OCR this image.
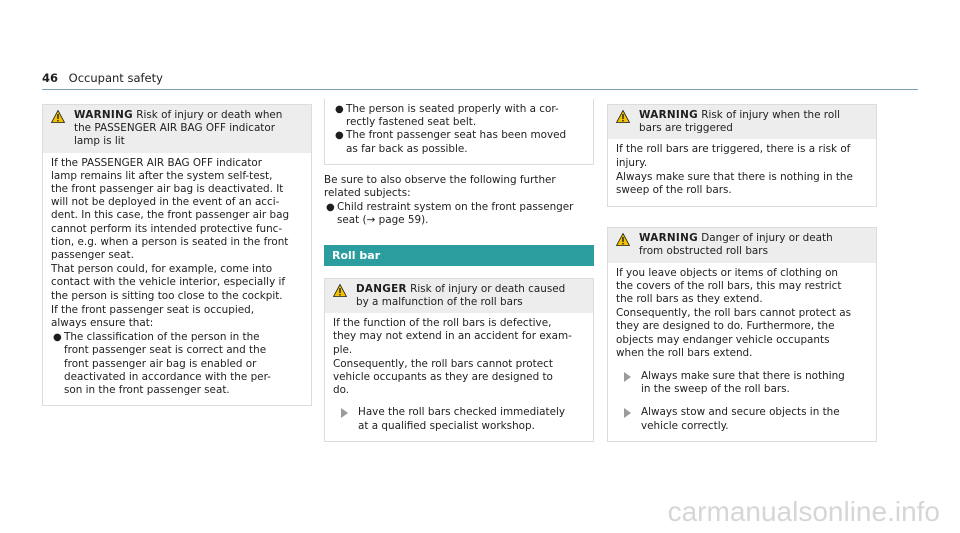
46 Occupant safety
WARNING Risk of injury or death when
the PASSENGER AIR BAG OFF indicator
lamp is lit

If the PASSENGER AIR BAG OFF indicator
lamp remains lit after the system self-test,
the front passenger air bag is deactivated. It
will not be deployed in the event of an acci-
dent. In this case, the front passenger air bag
cannot perform its intended protective func-
tion, e.g. when a person is seated in the front
passenger seat.

That person could, for example, come into
contact with the vehicle interior, especially if
the person is sitting too close to the cockpit.

If the front passenger seat is occupied,
always ensure that:

● The classification of the person in the
front passenger seat is correct and the
front passenger air bag is enabled or
deactivated in accordance with the per-
son in the front passenger seat.
● The person is seated properly with a cor-
rectly fastened seat belt.
● The front passenger seat has been moved
as far back as possible.

Be sure to also observe the following further
related subjects:

● Child restraint system on the front passenger
seat (→ page 59).
Roll bar
DANGER Risk of injury or death caused
by a malfunction of the roll bars

If the function of the roll bars is defective,
they may not extend in an accident for exam-
ple.

Consequently, the roll bars cannot protect
vehicle occupants as they are designed to
do.

Have the roll bars checked immediately
at a qualified specialist workshop.
WARNING Risk of injury when the roll
bars are triggered

If the roll bars are triggered, there is a risk of
injury.

Always make sure that there is nothing in the
sweep of the roll bars.

WARNING Danger of injury or death
from obstructed roll bars

If you leave objects or items of clothing on
the covers of the roll bars, this may restrict
the roll bars as they extend.

Consequently, the roll bars cannot protect as
they are designed to do. Furthermore, the
objects may endanger vehicle occupants
when the roll bars extend.

Always make sure that there is nothing
in the sweep of the roll bars.
Always stow and secure objects in the
vehicle correctly.
carmanualsonline.info
